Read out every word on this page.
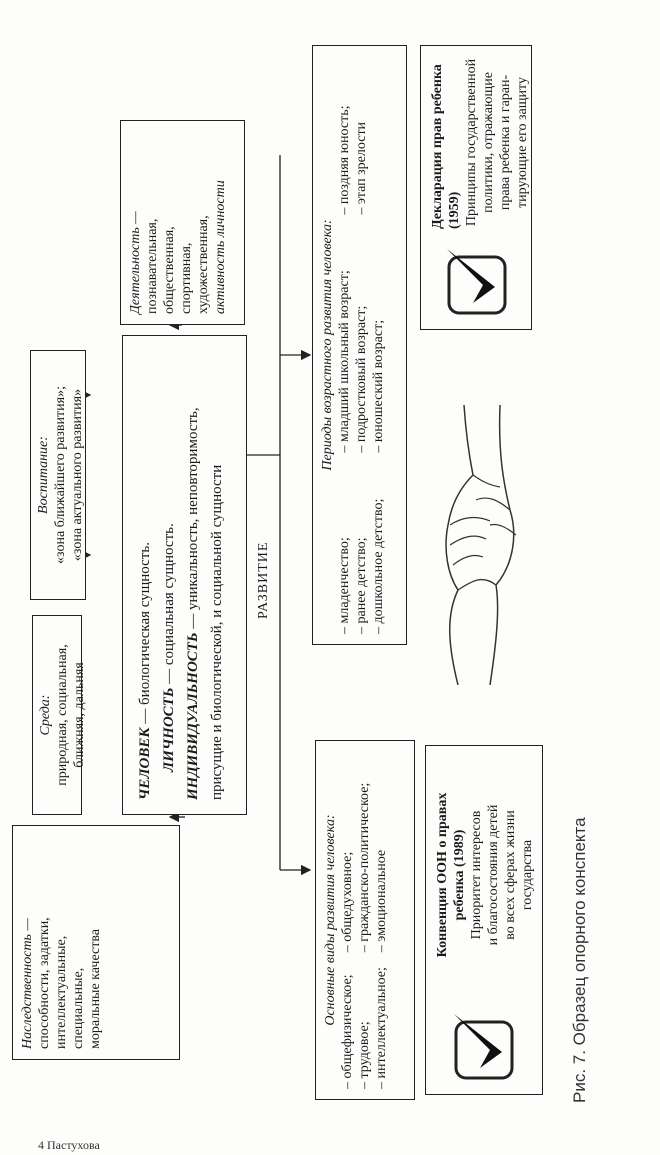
Наследственность — способности, задатки, интеллектуальные, специальные, моральные качества
Среда: природная, социальная, ближняя, дальняя
Воспитание: «зона ближайшего развития»; «зона актуального развития»
Деятельность — познавательная, общественная, спортивная, художественная, активность личности
ЧЕЛОВЕК — биологическая сущность.
ЛИЧНОСТЬ — социальная сущность.
ИНДИВИДУАЛЬНОСТЬ — уникальность, неповторимость, присущие и биологической, и социальной сущности РАЗВИТИЕ
Основные виды развития человека:
– общефизическое; – трудовое; – интеллектуальное;
– общедуховное; – гражданско-политическое; – эмоциональное
Периоды возрастного развития человека:
– младенчество; – ранее детство; – дошкольное детство;
– младший школьный возраст; – подростковый возраст; – юношеский возраст;
– поздняя юность; – этап зрелости
Конвенция ООН о правах ребенка (1989) Приоритет интересов и благосостояния детей во всех сферах жизни государства
Декларация прав ребенка (1959) Принципы государственной политики, отражающие права ребенка и гаран- тирующие его защиту
Рис. 7. Образец опорного конспекта
4 Пастухова
